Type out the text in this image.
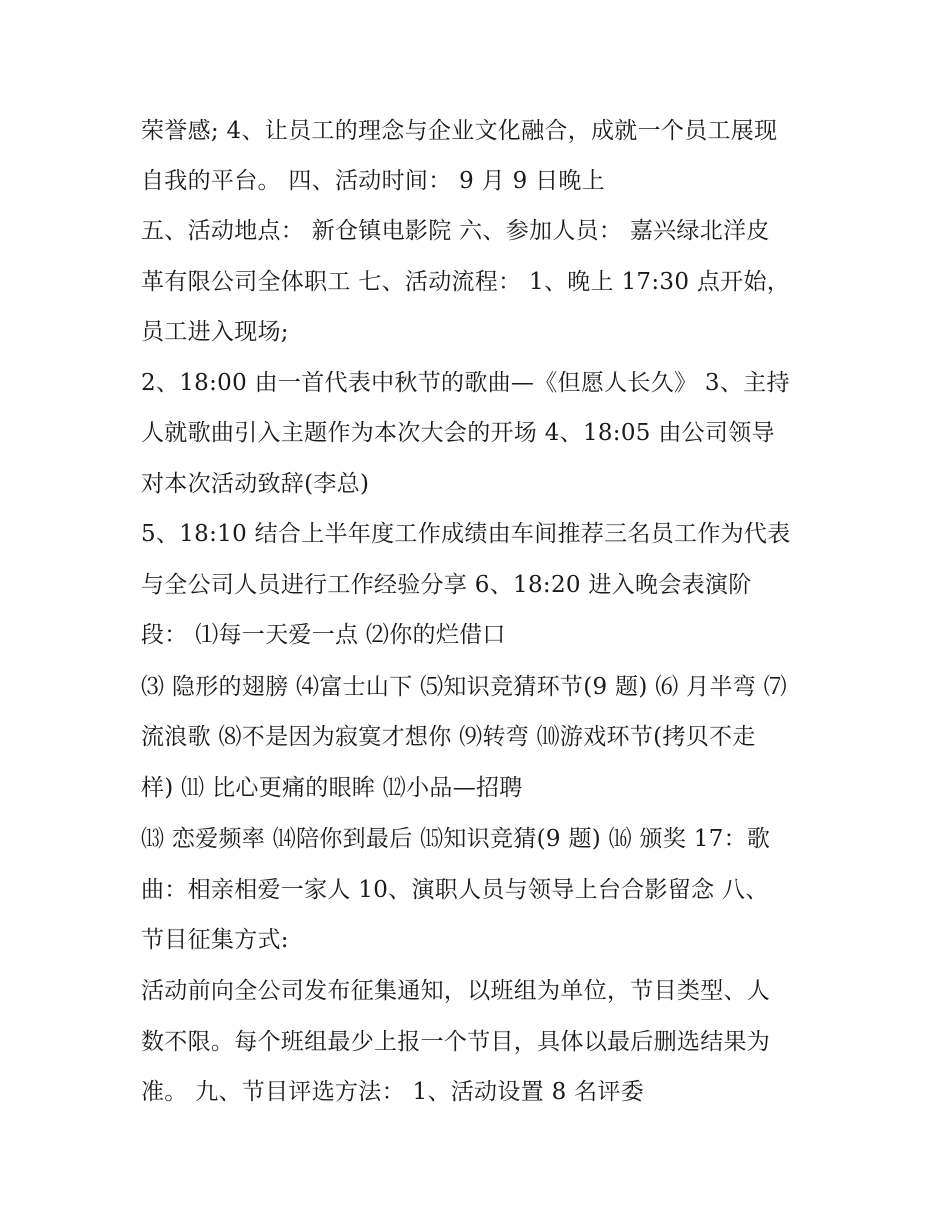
荣誉感; 4、让员工的理念与企业文化融合，成就一个员工展现
自我的平台。 四、活动时间： 9 月 9 日晚上
五、活动地点： 新仓镇电影院 六、参加人员： 嘉兴绿北洋皮
革有限公司全体职工 七、活动流程： 1、晚上 17:30 点开始，
员工进入现场;
2、18:00 由一首代表中秋节的歌曲—《但愿人长久》 3、主持
人就歌曲引入主题作为本次大会的开场 4、18:05 由公司领导
对本次活动致辞(李总)
5、18:10 结合上半年度工作成绩由车间推荐三名员工作为代表
与全公司人员进行工作经验分享 6、18:20 进入晚会表演阶
段： ⑴每一天爱一点 ⑵你的烂借口
⑶ 隐形的翅膀 ⑷富士山下 ⑸知识竞猜环节(9 题) ⑹ 月半弯 ⑺
流浪歌 ⑻不是因为寂寞才想你 ⑼转弯 ⑽游戏环节(拷贝不走
样) ⑾ 比心更痛的眼眸 ⑿小品—招聘
⒀ 恋爱频率 ⒁陪你到最后 ⒂知识竞猜(9 题) ⒃ 颁奖 17：歌
曲：相亲相爱一家人 10、演职人员与领导上台合影留念 八、
节目征集方式:
活动前向全公司发布征集通知，以班组为单位，节目类型、人
数不限。每个班组最少上报一个节目，具体以最后删选结果为
准。 九、节目评选方法： 1、活动设置 8 名评委
